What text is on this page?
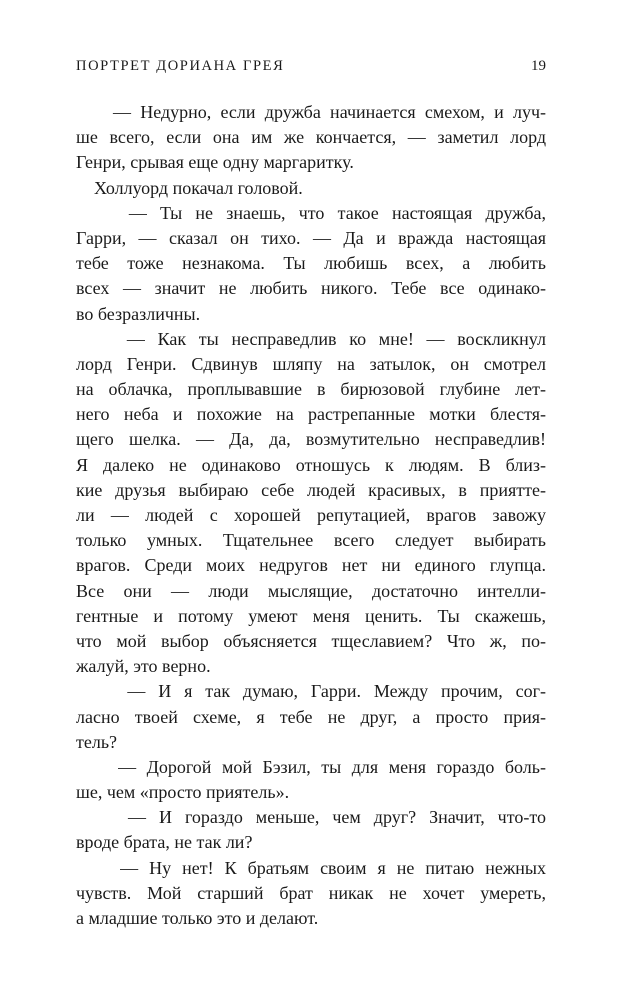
ПОРТРЕТ ДОРИАНА ГРЕЯ	19
— Недурно, если дружба начинается смехом, и луч-
ше всего, если она им же кончается, — заметил лорд
Генри, срывая еще одну маргаритку.
Холлуорд покачал головой.
— Ты не знаешь, что такое настоящая дружба,
Гарри, — сказал он тихо. — Да и вражда настоящая
тебе тоже незнакома. Ты любишь всех, а любить
всех — значит не любить никого. Тебе все одинако-
во безразличны.
— Как ты несправедлив ко мне! — воскликнул
лорд Генри. Сдвинув шляпу на затылок, он смотрел
на облачка, проплывавшие в бирюзовой глубине лет-
него неба и похожие на растрепанные мотки блестя-
щего шелка. — Да, да, возмутительно несправедлив!
Я далеко не одинаково отношусь к людям. В близ-
кие друзья выбираю себе людей красивых, в приятте-
ли — людей с хорошей репутацией, врагов завожу
только умных. Тщательнее всего следует выбирать
врагов. Среди моих недругов нет ни единого глупца.
Все они — люди мыслящие, достаточно интелли-
гентные и потому умеют меня ценить. Ты скажешь,
что мой выбор объясняется тщеславием? Что ж, по-
жалуй, это верно.
— И я так думаю, Гарри. Между прочим, сог-
ласно твоей схеме, я тебе не друг, а просто прия-
тель?
— Дорогой мой Бэзил, ты для меня гораздо боль-
ше, чем «просто приятель».
— И гораздо меньше, чем друг? Значит, что-то
вроде брата, не так ли?
— Ну нет! К братьям своим я не питаю нежных
чувств. Мой старший брат никак не хочет умереть,
а младшие только это и делают.
